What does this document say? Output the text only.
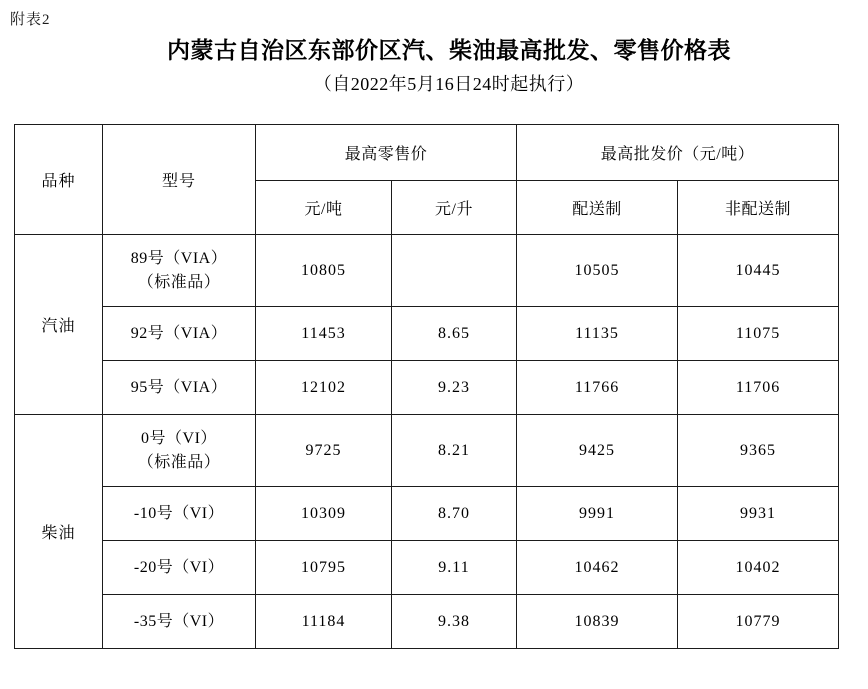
附表2
内蒙古自治区东部价区汽、柴油最高批发、零售价格表
（自2022年5月16日24时起执行）
品种	型号	最高零售价		最高批发价（元/吨）	
		元/吨	元/升	配送制	非配送制
汽油	89号（VIA）
（标准品）	10805		10505	10445
	92号（VIA）	11453	8.65	11135	11075
	95号（VIA）	12102	9.23	11766	11706
柴油	0号（VI）
（标准品）	9725	8.21	9425	9365
	-10号（VI）	10309	8.70	9991	9931
	-20号（VI）	10795	9.11	10462	10402
	-35号（VI）	11184	9.38	10839	10779
